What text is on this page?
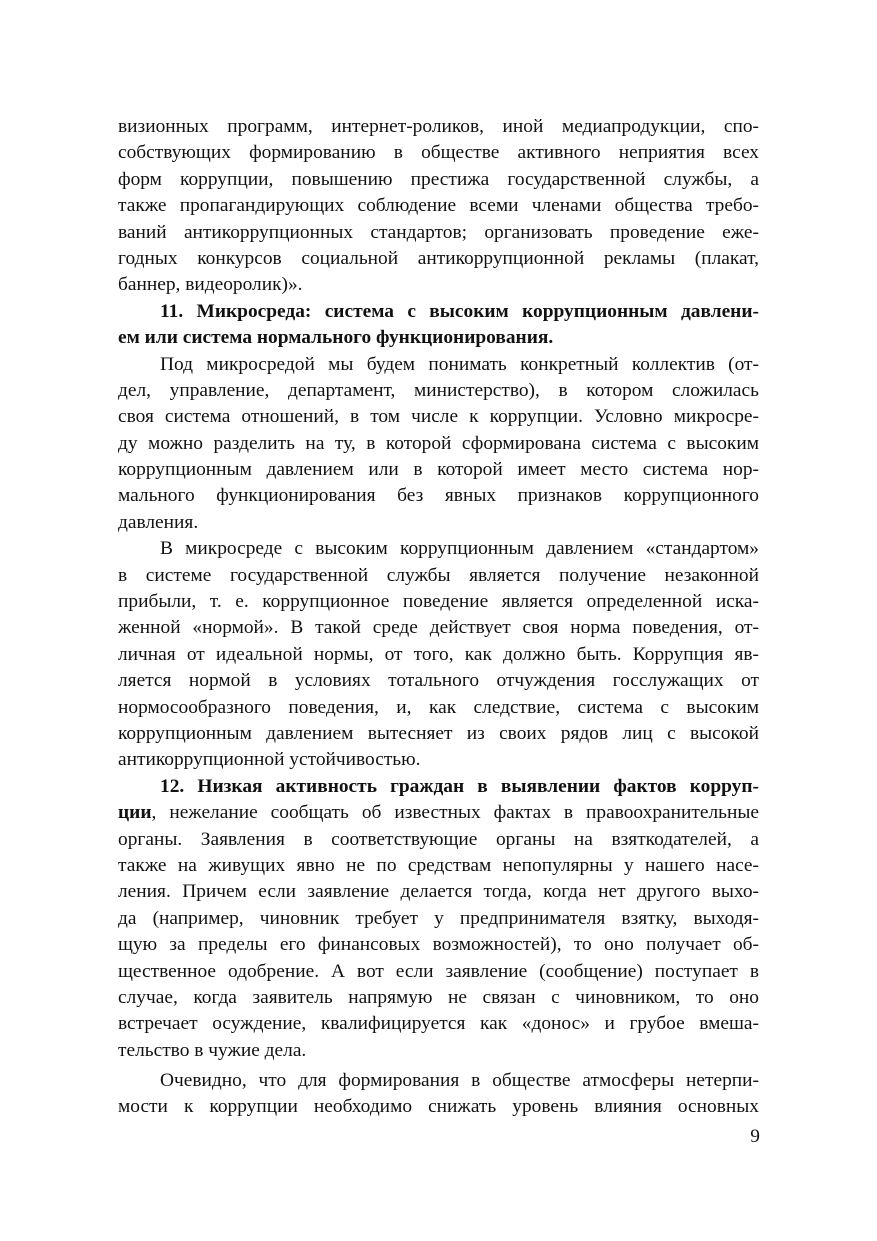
визионных программ, интернет-роликов, иной медиапродукции, спо-
собствующих формированию в обществе активного неприятия всех
форм коррупции, повышению престижа государственной службы, а
также пропагандирующих соблюдение всеми членами общества требо-
ваний антикоррупционных стандартов; организовать проведение еже-
годных конкурсов социальной антикоррупционной рекламы (плакат,
баннер, видеоролик)».
11. Микросреда: система с высоким коррупционным давлени-
ем или система нормального функционирования.
Под микросредой мы будем понимать конкретный коллектив (от-
дел, управление, департамент, министерство), в котором сложилась
своя система отношений, в том числе к коррупции. Условно микросре-
ду можно разделить на ту, в которой сформирована система с высоким
коррупционным давлением или в которой имеет место система нор-
мального функционирования без явных признаков коррупционного
давления.
В микросреде с высоким коррупционным давлением «стандартом»
в системе государственной службы является получение незаконной
прибыли, т. е. коррупционное поведение является определенной иска-
женной «нормой». В такой среде действует своя норма поведения, от-
личная от идеальной нормы, от того, как должно быть. Коррупция яв-
ляется нормой в условиях тотального отчуждения госслужащих от
нормосообразного поведения, и, как следствие, система с высоким
коррупционным давлением вытесняет из своих рядов лиц с высокой
антикоррупционной устойчивостью.
12. Низкая активность граждан в выявлении фактов корруп-
ции, нежелание сообщать об известных фактах в правоохранительные
органы. Заявления в соответствующие органы на взяткодателей, а
также на живущих явно не по средствам непопулярны у нашего насе-
ления. Причем если заявление делается тогда, когда нет другого выхо-
да (например, чиновник требует у предпринимателя взятку, выходя-
щую за пределы его финансовых возможностей), то оно получает об-
щественное одобрение. А вот если заявление (сообщение) поступает в
случае, когда заявитель напрямую не связан с чиновником, то оно
встречает осуждение, квалифицируется как «донос» и грубое вмеша-
тельство в чужие дела.
Очевидно, что для формирования в обществе атмосферы нетерпи-
мости к коррупции необходимо снижать уровень влияния основных
9
